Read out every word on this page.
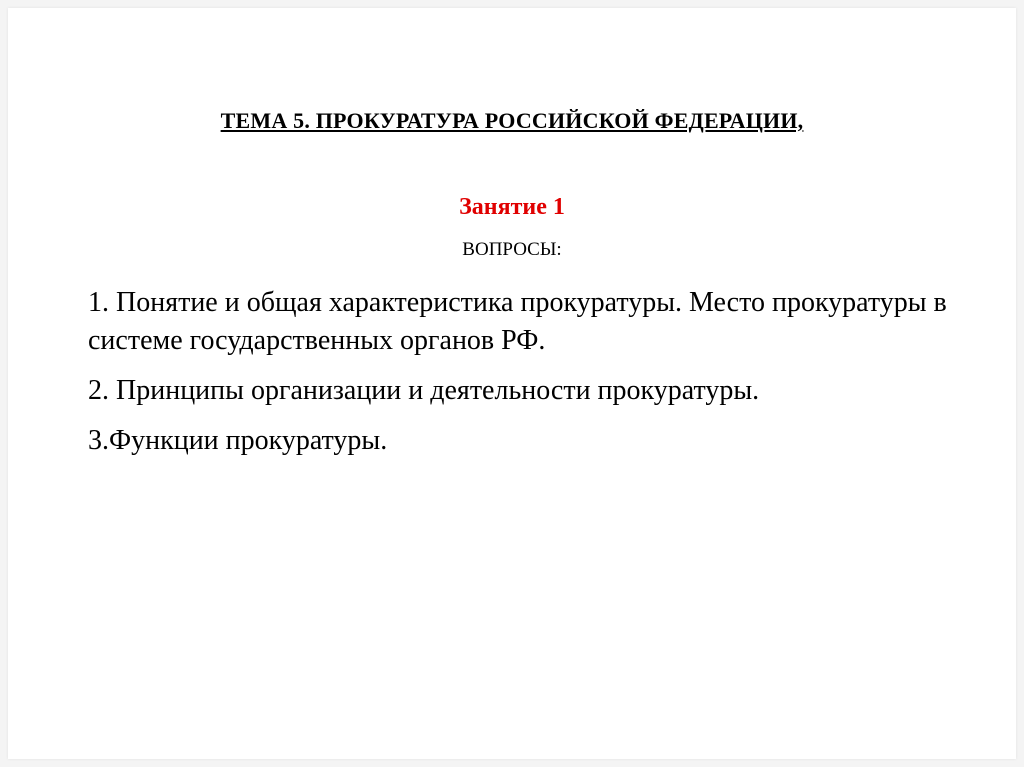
ТЕМА 5. ПРОКУРАТУРА РОССИЙСКОЙ ФЕДЕРАЦИИ,
Занятие 1
ВОПРОСЫ:
1. Понятие и общая характеристика прокуратуры. Место прокуратуры в системе государственных органов РФ.
2. Принципы организации и деятельности прокуратуры.
3.Функции прокуратуры.
